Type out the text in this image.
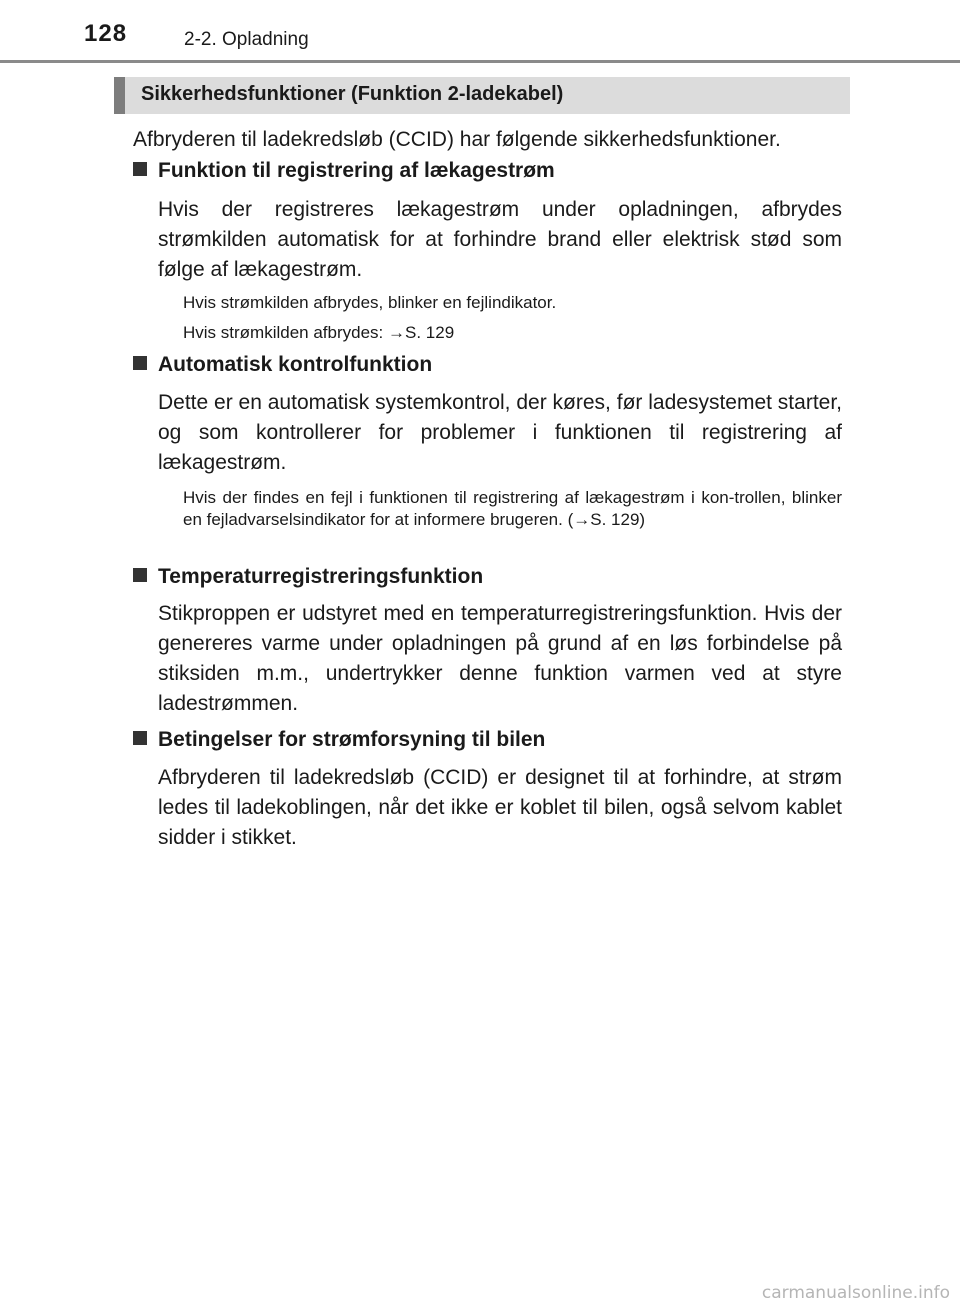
128	2-2. Opladning
Sikkerhedsfunktioner (Funktion 2-ladekabel)
Afbryderen til ladekredsløb (CCID) har følgende sikkerhedsfunktioner.
Funktion til registrering af lækagestrøm
Hvis der registreres lækagestrøm under opladningen, afbrydes strømkilden automatisk for at forhindre brand eller elektrisk stød som følge af lækagestrøm.
Hvis strømkilden afbrydes, blinker en fejlindikator.
Hvis strømkilden afbrydes: →S. 129
Automatisk kontrolfunktion
Dette er en automatisk systemkontrol, der køres, før ladesystemet starter, og som kontrollerer for problemer i funktionen til registrering af lækagestrøm.
Hvis der findes en fejl i funktionen til registrering af lækagestrøm i kon-trollen, blinker en fejladvarselsindikator for at informere brugeren. (→S. 129)
Temperaturregistreringsfunktion
Stikproppen er udstyret med en temperaturregistreringsfunktion. Hvis der genereres varme under opladningen på grund af en løs forbindelse på stiksiden m.m., undertrykker denne funktion varmen ved at styre ladestrømmen.
Betingelser for strømforsyning til bilen
Afbryderen til ladekredsløb (CCID) er designet til at forhindre, at strøm ledes til ladekoblingen, når det ikke er koblet til bilen, også selvom kablet sidder i stikket.
carmanualsonline.info
